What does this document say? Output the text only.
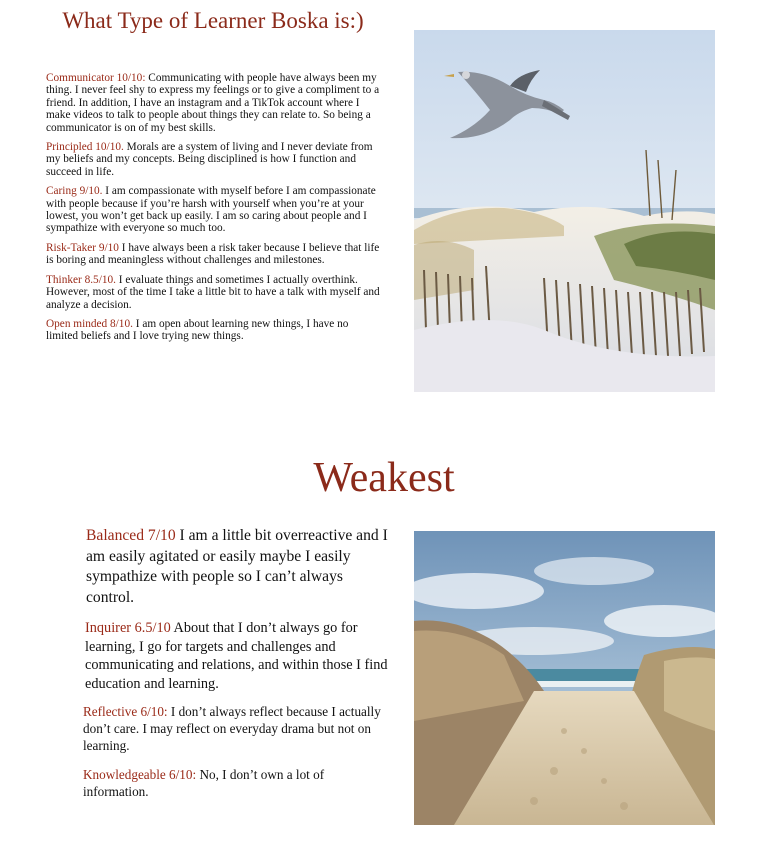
What Type of Learner Boska is:)

Communicator 10/10: Communicating with people have always been my thing. I never feel shy to express my feelings or to give a compliment to a friend. In addition, I have an instagram and a TikTok account where I make videos to talk to people about things they can relate to. So being a communicator is on of my best skills.

Principled 10/10. Morals are a system of living and I never deviate from my beliefs and my concepts. Being disciplined is how I function and succeed in life.

Caring 9/10. I am compassionate with myself before I am compassionate with people because if you’re harsh with yourself when you’re at your lowest, you won’t get back up easily. I am so caring about people and I sympathize with everyone so much too.

Risk-Taker 9/10 I have always been a risk taker because I believe that life is boring and meaningless without challenges and milestones.

Thinker 8.5/10. I evaluate things and sometimes I actually overthink. However, most of the time I take a little bit to have a talk with myself and analyze a decision.

Open minded 8/10. I am open about learning new things, I have no limited beliefs and I love trying new things.

Weakest

Balanced 7/10 I am a little bit overreactive and I am easily agitated or easily maybe I easily sympathize with people so I can’t always control.

Inquirer 6.5/10 About that I don’t always go for learning, I go for targets and challenges and communicating and relations, and within those I find education and learning.

Reflective 6/10: I don’t always reflect because I actually don’t care. I may reflect on everyday drama but not on learning.

Knowledgeable 6/10: No, I don’t own a lot of information.
